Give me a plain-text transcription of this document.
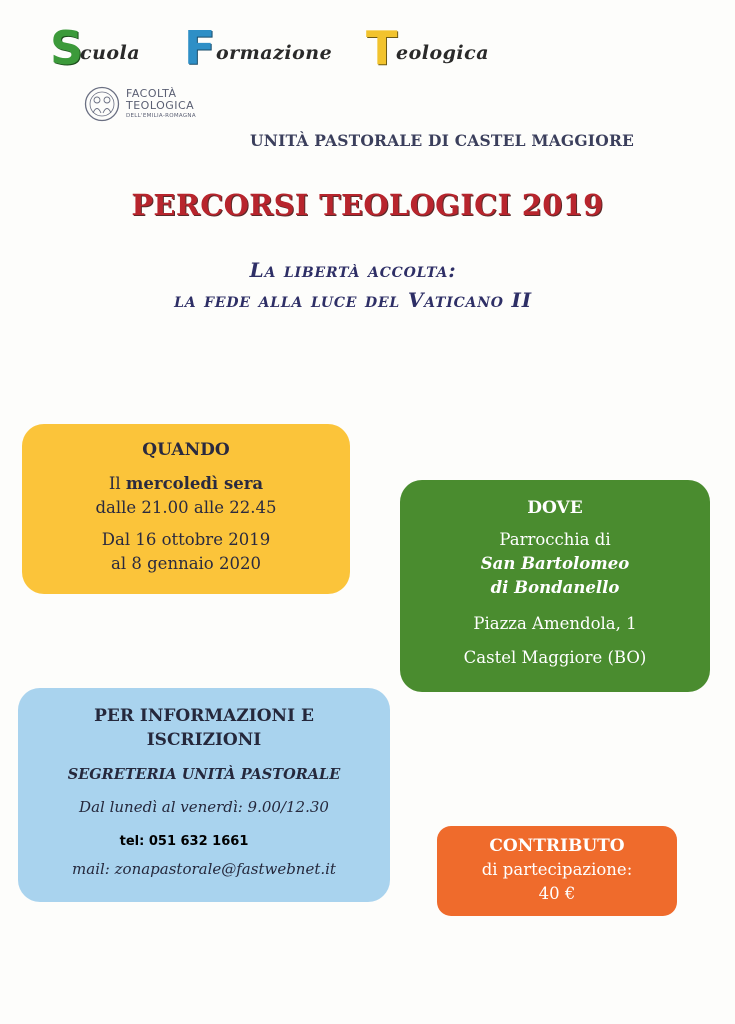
S
cuola F ormazione T
eologica
FACOLTÀ
TEOLOGICA
DELL'EMILIA-ROMAGNA
UNITÀ PASTORALE DI CASTEL MAGGIORE
PERCORSI TEOLOGICI 2019
La libertà accolta:
la fede alla luce del Vaticano II
QUANDO
Il mercoledì sera
dalle 21.00 alle 22.45
Dal 16 ottobre 2019
al 8 gennaio 2020
DOVE
Parrocchia di
San Bartolomeo
di Bondanello
Piazza Amendola, 1
Castel Maggiore (BO)
PER INFORMAZIONI E
ISCRIZIONI
SEGRETERIA UNITÀ PASTORALE
Dal lunedì al venerdì: 9.00/12.30
tel: 051 632 1661
mail: zonapastorale@fastwebnet.it
CONTRIBUTO
di partecipazione:
40 €
